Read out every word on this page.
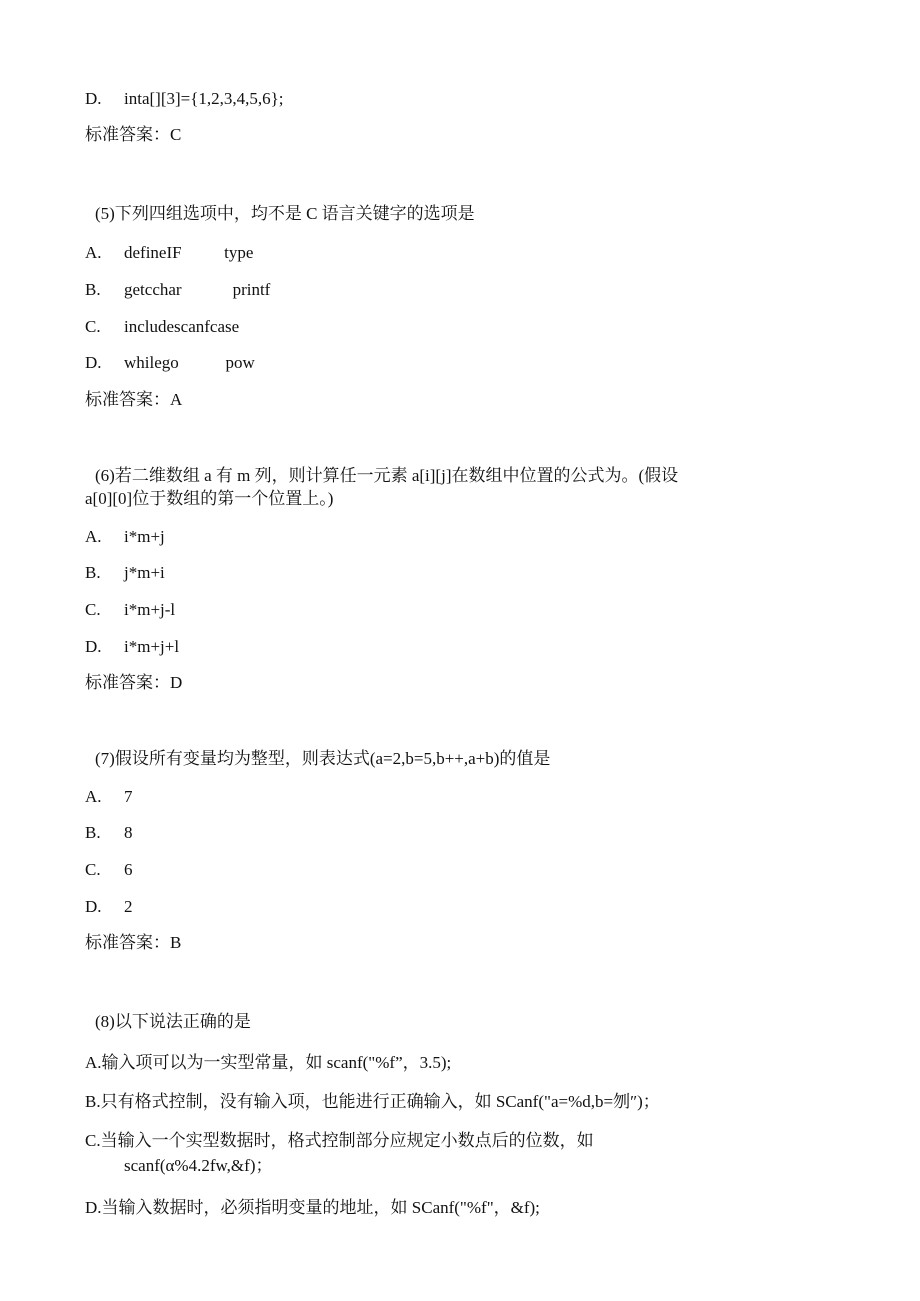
D. inta[][3]={1,2,3,4,5,6};
标准答案：C
(5)下列四组选项中，均不是 C 语言关键字的选项是
A. defineIF          type
B. getcchar            printf
C. includescanfcase
D. whilego           pow
标准答案：A
(6)若二维数组 a 有 m 列，则计算任一元素 a[i][j]在数组中位置的公式为。(假设
a[0][0]位于数组的第一个位置上。)
A. i*m+j
B. j*m+i
C. i*m+j-l
D. i*m+j+l
标准答案：D
(7)假设所有变量均为整型，则表达式(a=2,b=5,b++,a+b)的值是
A. 7
B. 8
C. 6
D. 2
标准答案：B
(8)以下说法正确的是
A.输入项可以为一实型常量，如 scanf("%f”，3.5);
B.只有格式控制，没有输入项，也能进行正确输入，如 SCanf("a=%d,b=刎″)；
C.当输入一个实型数据时，格式控制部分应规定小数点后的位数，如
scanf(α%4.2fw,&f)；
D.当输入数据时，必须指明变量的地址，如 SCanf("%f"，&f);
